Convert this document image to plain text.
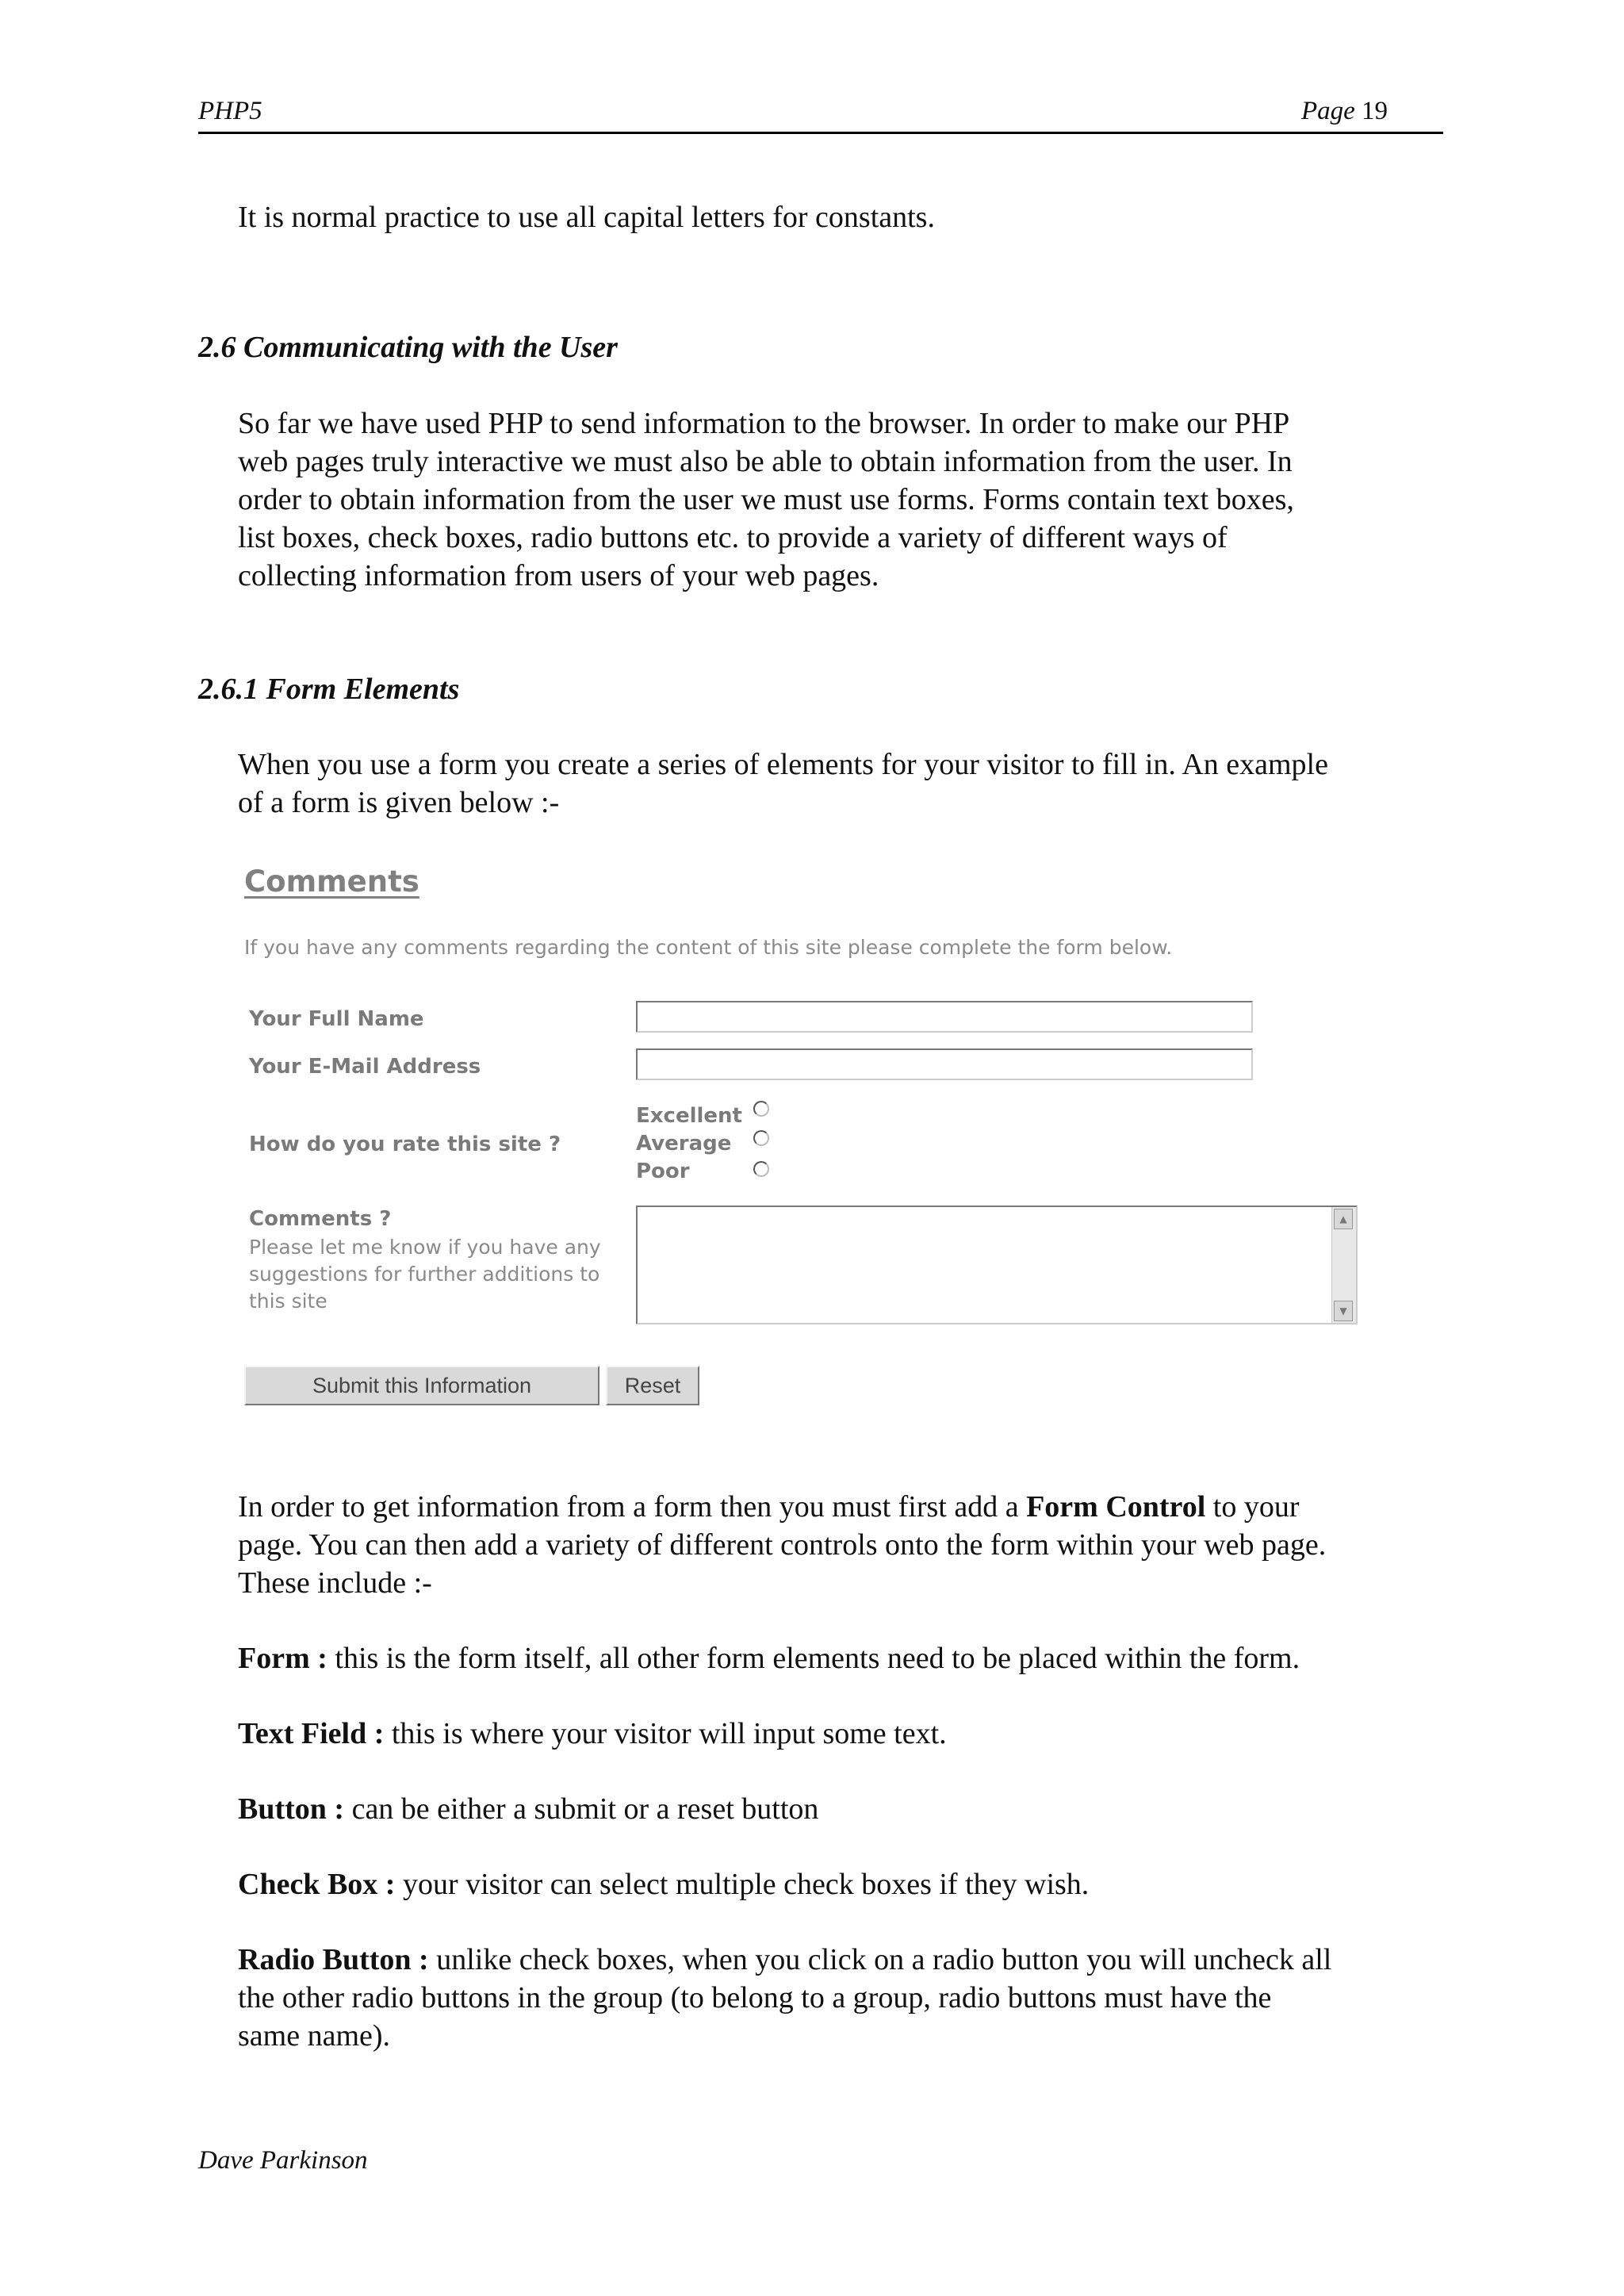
PHP5	Page 19

It is normal practice to use all capital letters for constants.

2.6 Communicating with the User

So far we have used PHP to send information to the browser. In order to make our PHP
web pages truly interactive we must also be able to obtain information from the user. In
order to obtain information from the user we must use forms. Forms contain text boxes,
list boxes, check boxes, radio buttons etc. to provide a variety of different ways of
collecting information from users of your web pages.

2.6.1 Form Elements

When you use a form you create a series of elements for your visitor to fill in. An example
of a form is given below :-
Comments
If you have any comments regarding the content of this site please complete the form below.
Your Full Name
Your E-Mail Address
How do you rate this site ?
Excellent
Average
Poor
Comments ?
Please let me know if you have any
suggestions for further additions to
this site
▲
▼
Submit this Information	Reset
In order to get information from a form then you must first add a Form Control to your
page. You can then add a variety of different controls onto the form within your web page.
These include :-
Form : this is the form itself, all other form elements need to be placed within the form.
Text Field : this is where your visitor will input some text.
Button : can be either a submit or a reset button
Check Box : your visitor can select multiple check boxes if they wish.
Radio Button : unlike check boxes, when you click on a radio button you will uncheck all
the other radio buttons in the group (to belong to a group, radio buttons must have the
same name).
Dave Parkinson
